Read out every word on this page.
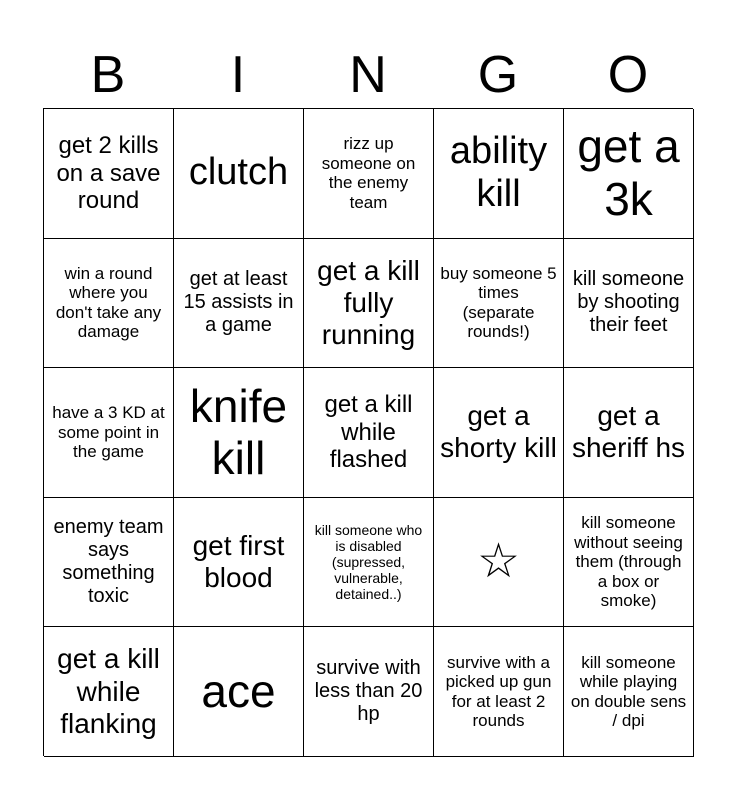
B	I	N	G	O
get 2 kills on a save round
clutch
rizz up someone on the enemy team
ability kill
get a 3k
win a round where you don't take any damage
get at least 15 assists in a game
get a kill fully running
buy someone 5 times (separate rounds!)
kill someone by shooting their feet
have a 3 KD at some point in the game
knife kill
get a kill while flashed
get a shorty kill
get a sheriff hs
enemy team says something toxic
get first blood
kill someone who is disabled (supressed, vulnerable, detained..)
☆
kill someone without seeing them (through a box or smoke)
get a kill while flanking
ace	survive with less than 20 hp
survive with a picked up gun for at least 2 rounds
kill someone while playing on double sens / dpi
